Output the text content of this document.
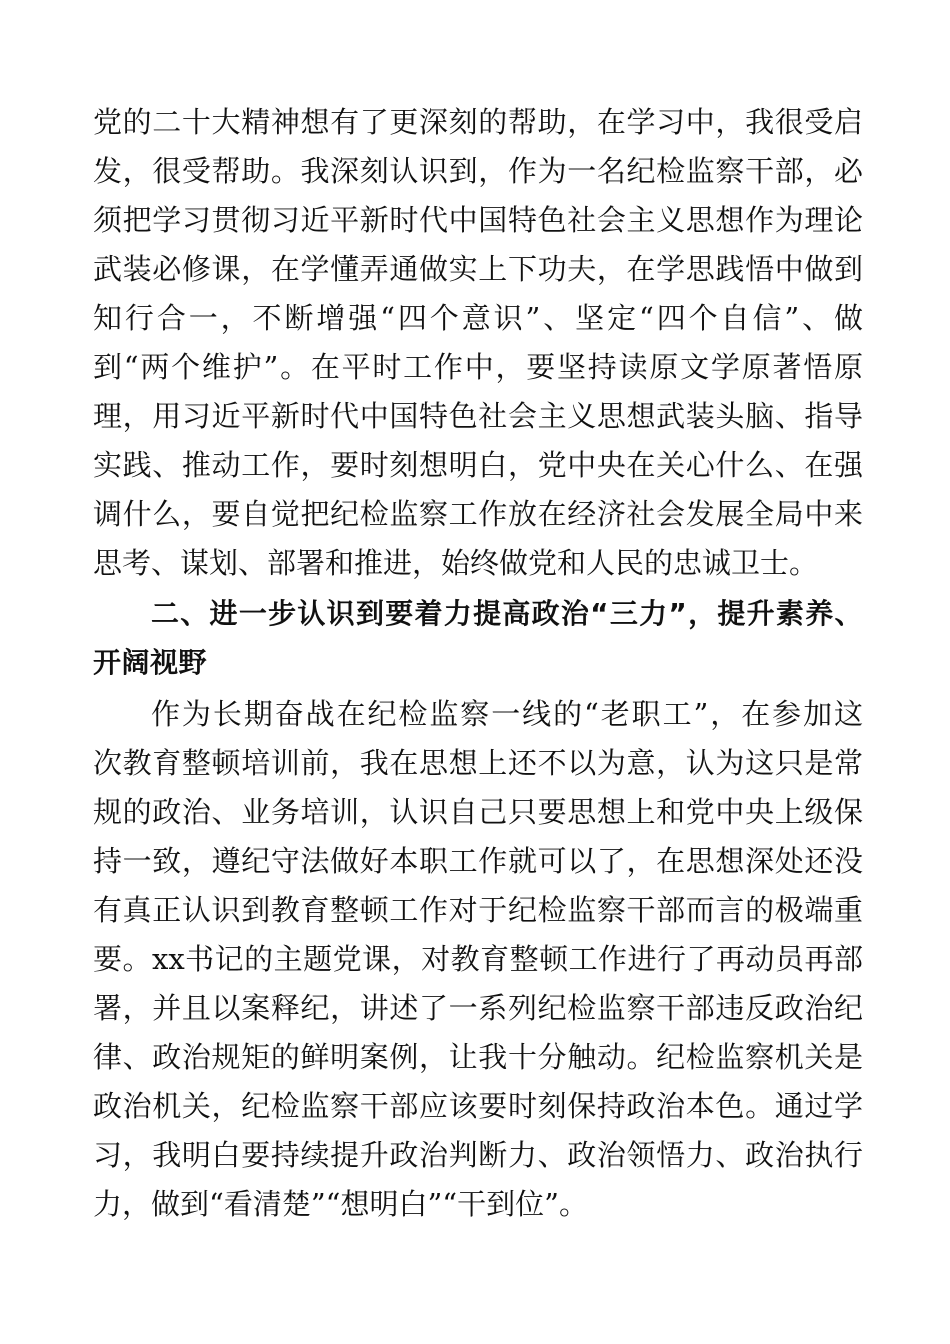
党的二十大精神想有了更深刻的帮助，在学习中，我很受启
发，很受帮助。我深刻认识到，作为一名纪检监察干部，必
须把学习贯彻习近平新时代中国特色社会主义思想作为理论
武装必修课，在学懂弄通做实上下功夫，在学思践悟中做到
知行合一，不断增强“四个意识”、坚定“四个自信”、做
到“两个维护”。在平时工作中，要坚持读原文学原著悟原
理，用习近平新时代中国特色社会主义思想武装头脑、指导
实践、推动工作，要时刻想明白，党中央在关心什么、在强
调什么，要自觉把纪检监察工作放在经济社会发展全局中来
思考、谋划、部署和推进，始终做党和人民的忠诚卫士。
二、进一步认识到要着力提高政治“三力”，提升素养、
开阔视野
作为长期奋战在纪检监察一线的“老职工”，在参加这
次教育整顿培训前，我在思想上还不以为意，认为这只是常
规的政治、业务培训，认识自己只要思想上和党中央上级保
持一致，遵纪守法做好本职工作就可以了，在思想深处还没
有真正认识到教育整顿工作对于纪检监察干部而言的极端重
要。xx书记的主题党课，对教育整顿工作进行了再动员再部
署，并且以案释纪，讲述了一系列纪检监察干部违反政治纪
律、政治规矩的鲜明案例，让我十分触动。纪检监察机关是
政治机关，纪检监察干部应该要时刻保持政治本色。通过学
习，我明白要持续提升政治判断力、政治领悟力、政治执行
力，做到“看清楚”“想明白”“干到位”。
